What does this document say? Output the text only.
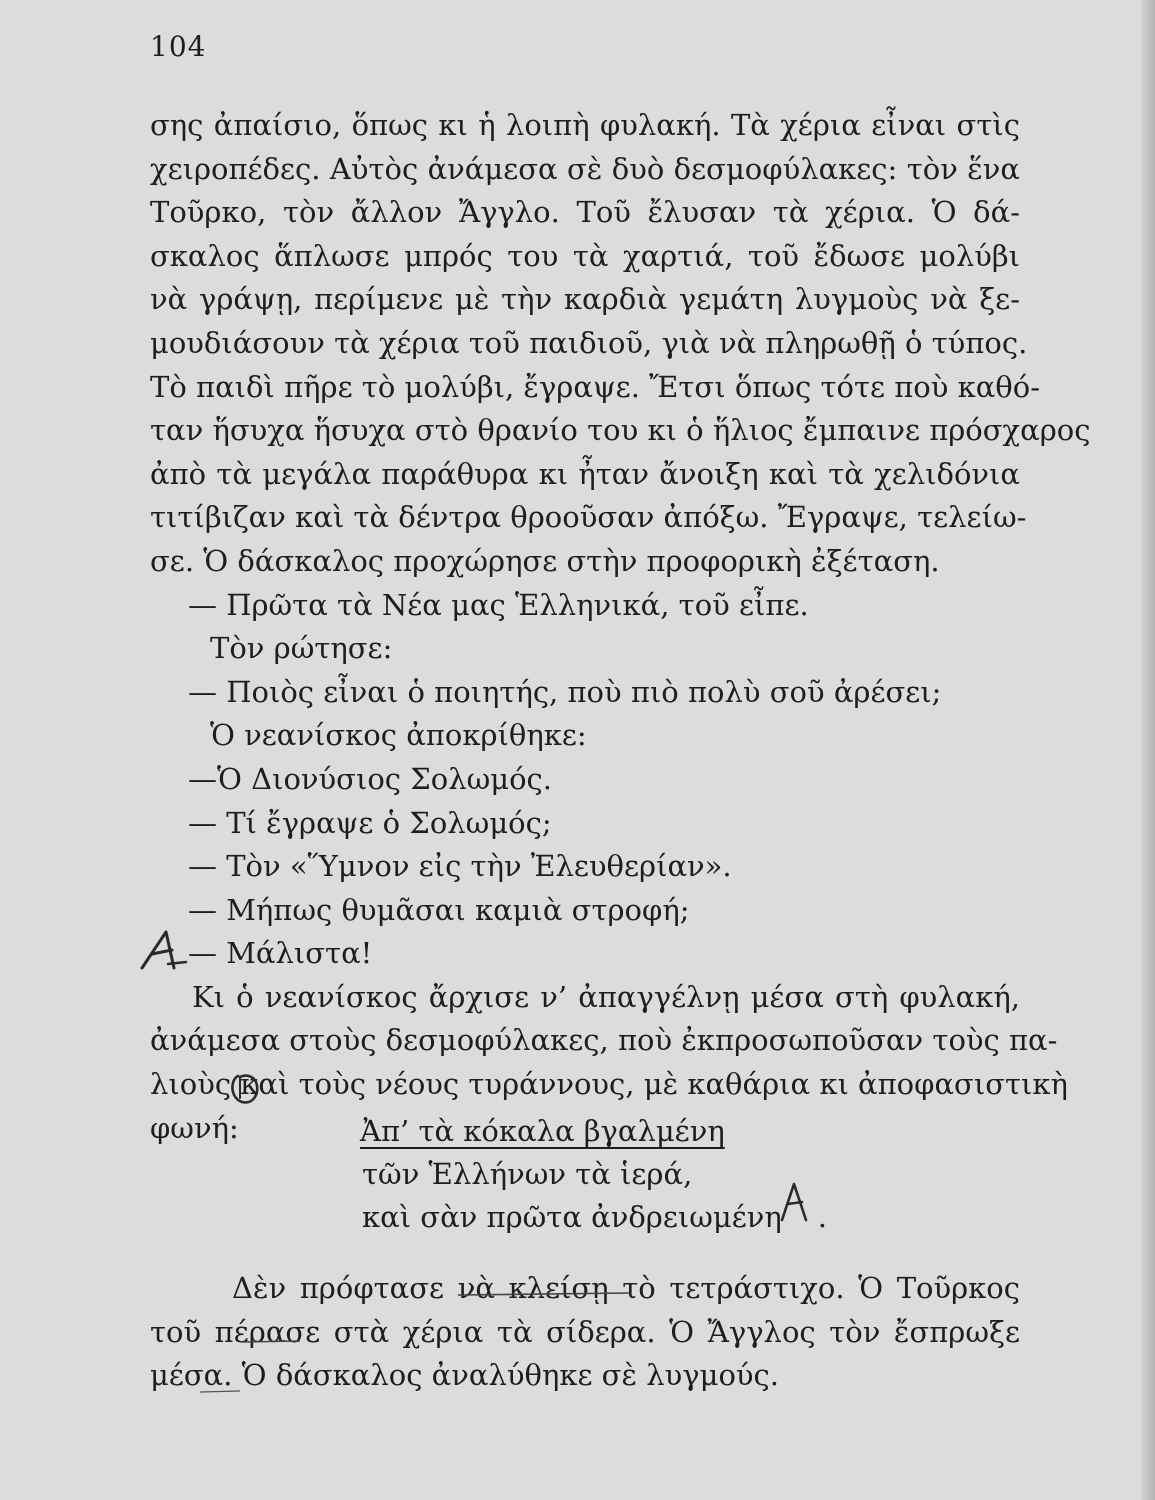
104
σης ἀπαίσιο, ὅπως κι ἡ λοιπὴ φυλακή. Τὰ χέρια εἶναι στὶς
χειροπέδες. Αὐτὸς ἀνάμεσα σὲ δυὸ δεσμοφύλακες: τὸν ἕνα
Τοῦρκο, τὸν ἄλλον Ἄγγλο. Τοῦ ἔλυσαν τὰ χέρια. Ὁ δά-
σκαλος ἅπλωσε μπρός του τὰ χαρτιά, τοῦ ἔδωσε μολύβι
νὰ γράψῃ, περίμενε μὲ τὴν καρδιὰ γεμάτη λυγμοὺς νὰ ξε-
μουδιάσουν τὰ χέρια τοῦ παιδιοῦ, γιὰ νὰ πληρωθῇ ὁ τύπος.
Τὸ παιδὶ πῆρε τὸ μολύβι, ἔγραψε. Ἔτσι ὅπως τότε ποὺ καθό-
ταν ἥσυχα ἥσυχα στὸ θρανίο του κι ὁ ἥλιος ἔμπαινε πρόσχαρος
ἀπὸ τὰ μεγάλα παράθυρα κι ἦταν ἄνοιξη καὶ τὰ χελιδόνια
τιτίβιζαν καὶ τὰ δέντρα θροοῦσαν ἀπόξω. Ἔγραψε, τελείω-
σε. Ὁ δάσκαλος προχώρησε στὴν προφορικὴ ἐξέταση.
— Πρῶτα τὰ Νέα μας Ἑλληνικά, τοῦ εἶπε.
Τὸν ρώτησε:
— Ποιὸς εἶναι ὁ ποιητής, ποὺ πιὸ πολὺ σοῦ ἀρέσει;
Ὁ νεανίσκος ἀποκρίθηκε:
—Ὁ Διονύσιος Σολωμός.
— Τί ἔγραψε ὁ Σολωμός;
— Τὸν «Ὕμνον εἰς τὴν Ἐλευθερίαν».
— Μήπως θυμᾶσαι καμιὰ στροφή;
— Μάλιστα!
Κι ὁ νεανίσκος ἄρχισε ν’ ἀπαγγέλνῃ μέσα στὴ φυλακή,
ἀνάμεσα στοὺς δεσμοφύλακες, ποὺ ἐκπροσωποῦσαν τοὺς πα-
λιοὺς καὶ τοὺς νέους τυράννους, μὲ καθάρια κι ἀποφασιστικὴ
φωνή:	Ἀπ’ τὰ κόκαλα βγαλμένη
τῶν Ἑλλήνων τὰ ἱερά,
καὶ σὰν πρῶτα ἀνδρειωμένη .
Δὲν πρόφτασε νὰ κλείσῃ τὸ τετράστιχο. Ὁ Τοῦρκος
τοῦ πέρασε στὰ χέρια τὰ σίδερα. Ὁ Ἄγγλος τὸν ἔσπρωξε
μέσα. Ὁ δάσκαλος ἀναλύθηκε σὲ λυγμούς.
